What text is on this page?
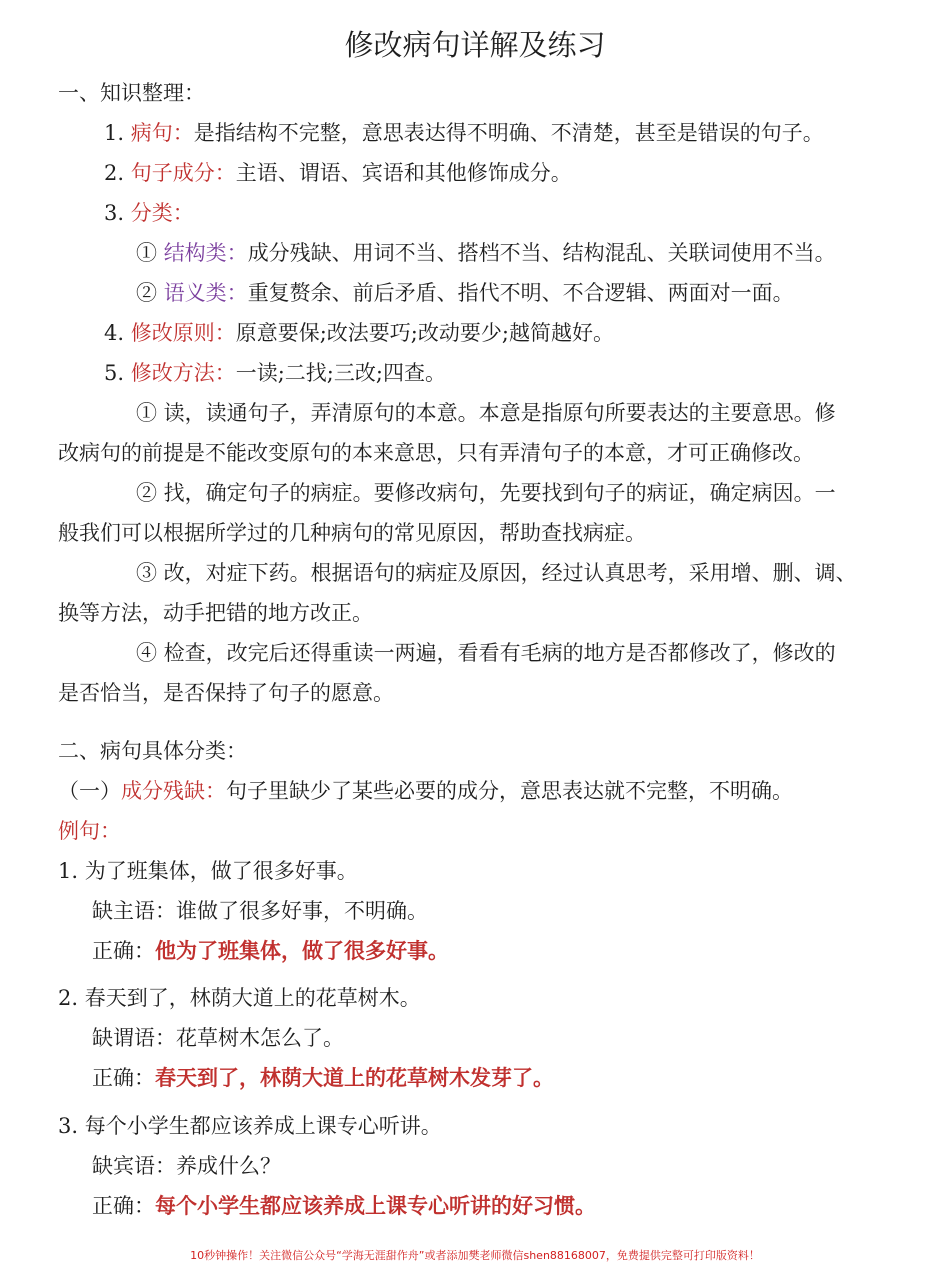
修改病句详解及练习
一、知识整理：
1. 病句：是指结构不完整，意思表达得不明确、不清楚，甚至是错误的句子。
2. 句子成分：主语、谓语、宾语和其他修饰成分。
3. 分类：
① 结构类：成分残缺、用词不当、搭档不当、结构混乱、关联词使用不当。
② 语义类：重复赘余、前后矛盾、指代不明、不合逻辑、两面对一面。
4. 修改原则：原意要保;改法要巧;改动要少;越简越好。
5. 修改方法：一读;二找;三改;四查。
① 读，读通句子，弄清原句的本意。本意是指原句所要表达的主要意思。修
改病句的前提是不能改变原句的本来意思，只有弄清句子的本意，才可正确修改。
② 找，确定句子的病症。要修改病句，先要找到句子的病证，确定病因。一
般我们可以根据所学过的几种病句的常见原因，帮助查找病症。
③ 改，对症下药。根据语句的病症及原因，经过认真思考，采用增、删、调、
换等方法，动手把错的地方改正。
④ 检查，改完后还得重读一两遍，看看有毛病的地方是否都修改了，修改的
是否恰当，是否保持了句子的愿意。
二、病句具体分类：
（一）成分残缺：句子里缺少了某些必要的成分，意思表达就不完整，不明确。
例句：
1. 为了班集体，做了很多好事。
缺主语：谁做了很多好事，不明确。
正确：他为了班集体，做了很多好事。
2. 春天到了，林荫大道上的花草树木。
缺谓语：花草树木怎么了。
正确：春天到了，林荫大道上的花草树木发芽了。
3. 每个小学生都应该养成上课专心听讲。
缺宾语：养成什么？
正确：每个小学生都应该养成上课专心听讲的好习惯。
10秒钟操作！关注微信公众号“学海无涯甜作舟”或者添加樊老师微信shen88168007，免费提供完整可打印版资料！
